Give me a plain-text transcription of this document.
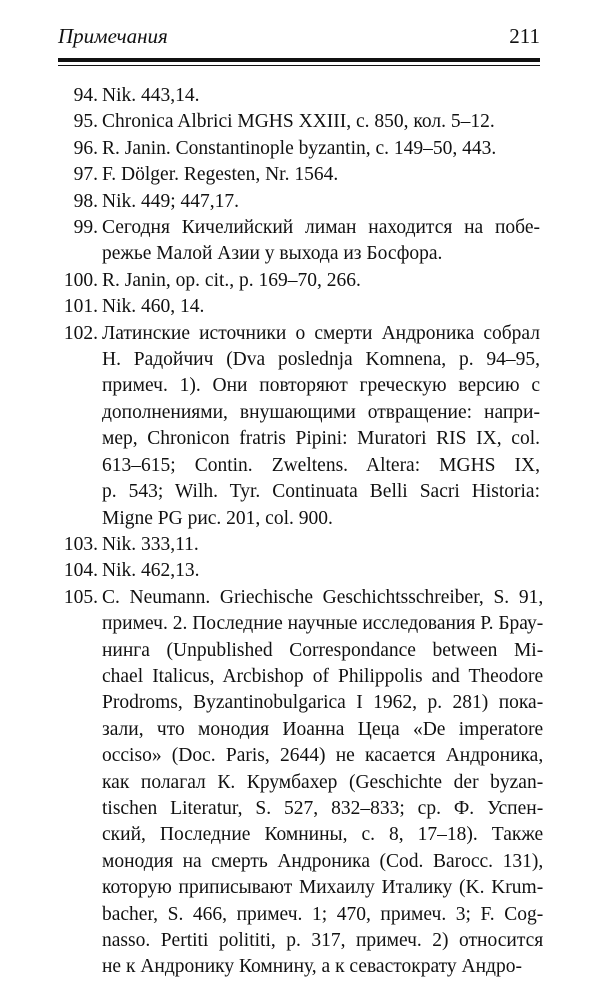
Примечания	211
94. Nik. 443,14.
95. Chronica Albrici MGHS XXIII, c. 850, кол. 5–12.
96. R. Janin. Constantinople byzantin, c. 149–50, 443.
97. F. Dölger. Regesten, Nr. 1564.
98. Nik. 449; 447,17.
99. Сегодня Кичелийский лиман находится на побе-
режье Малой Азии у выхода из Босфора.
100. R. Janin, op. cit., p. 169–70, 266.
101. Nik. 460, 14.
102. Латинские источники о смерти Андроника собрал
Н. Радойчич (Dva poslednja Komnena, p. 94–95,
примеч. 1). Они повторяют греческую версию с
дополнениями, внушающими отвращение: напри-
мер, Chronicon fratris Pipini: Muratori RIS IX, col.
613–615; Contin. Zweltens. Altera: MGHS IX,
p. 543; Wilh. Tyr. Continuata Belli Sacri Historia:
Migne PG рис. 201, col. 900.
103. Nik. 333,11.
104. Nik. 462,13.
105. C. Neumann. Griechische Geschichtsschreiber, S. 91,
примеч. 2. Последние научные исследования Р. Брау-
нинга (Unpublished Correspondance between Mi-
chael Italicus, Arcbishop of Philippolis and Theodore
Prodroms, Byzantinobulgarica I 1962, p. 281) пока-
зали, что монодия Иоанна Цеца «De imperatore
occiso» (Doc. Paris, 2644) не касается Андроника,
как полагал К. Крумбахер (Geschichte der byzan-
tischen Literatur, S. 527, 832–833; ср. Ф. Успен-
ский, Последние Комнины, с. 8, 17–18). Также
монодия на смерть Андроника (Cod. Barocc. 131),
которую приписывают Михаилу Италику (K. Krum-
bacher, S. 466, примеч. 1; 470, примеч. 3; F. Cog-
nasso. Pertiti polititi, p. 317, примеч. 2) относится
не к Андронику Комнину, а к севастократу Андро-
